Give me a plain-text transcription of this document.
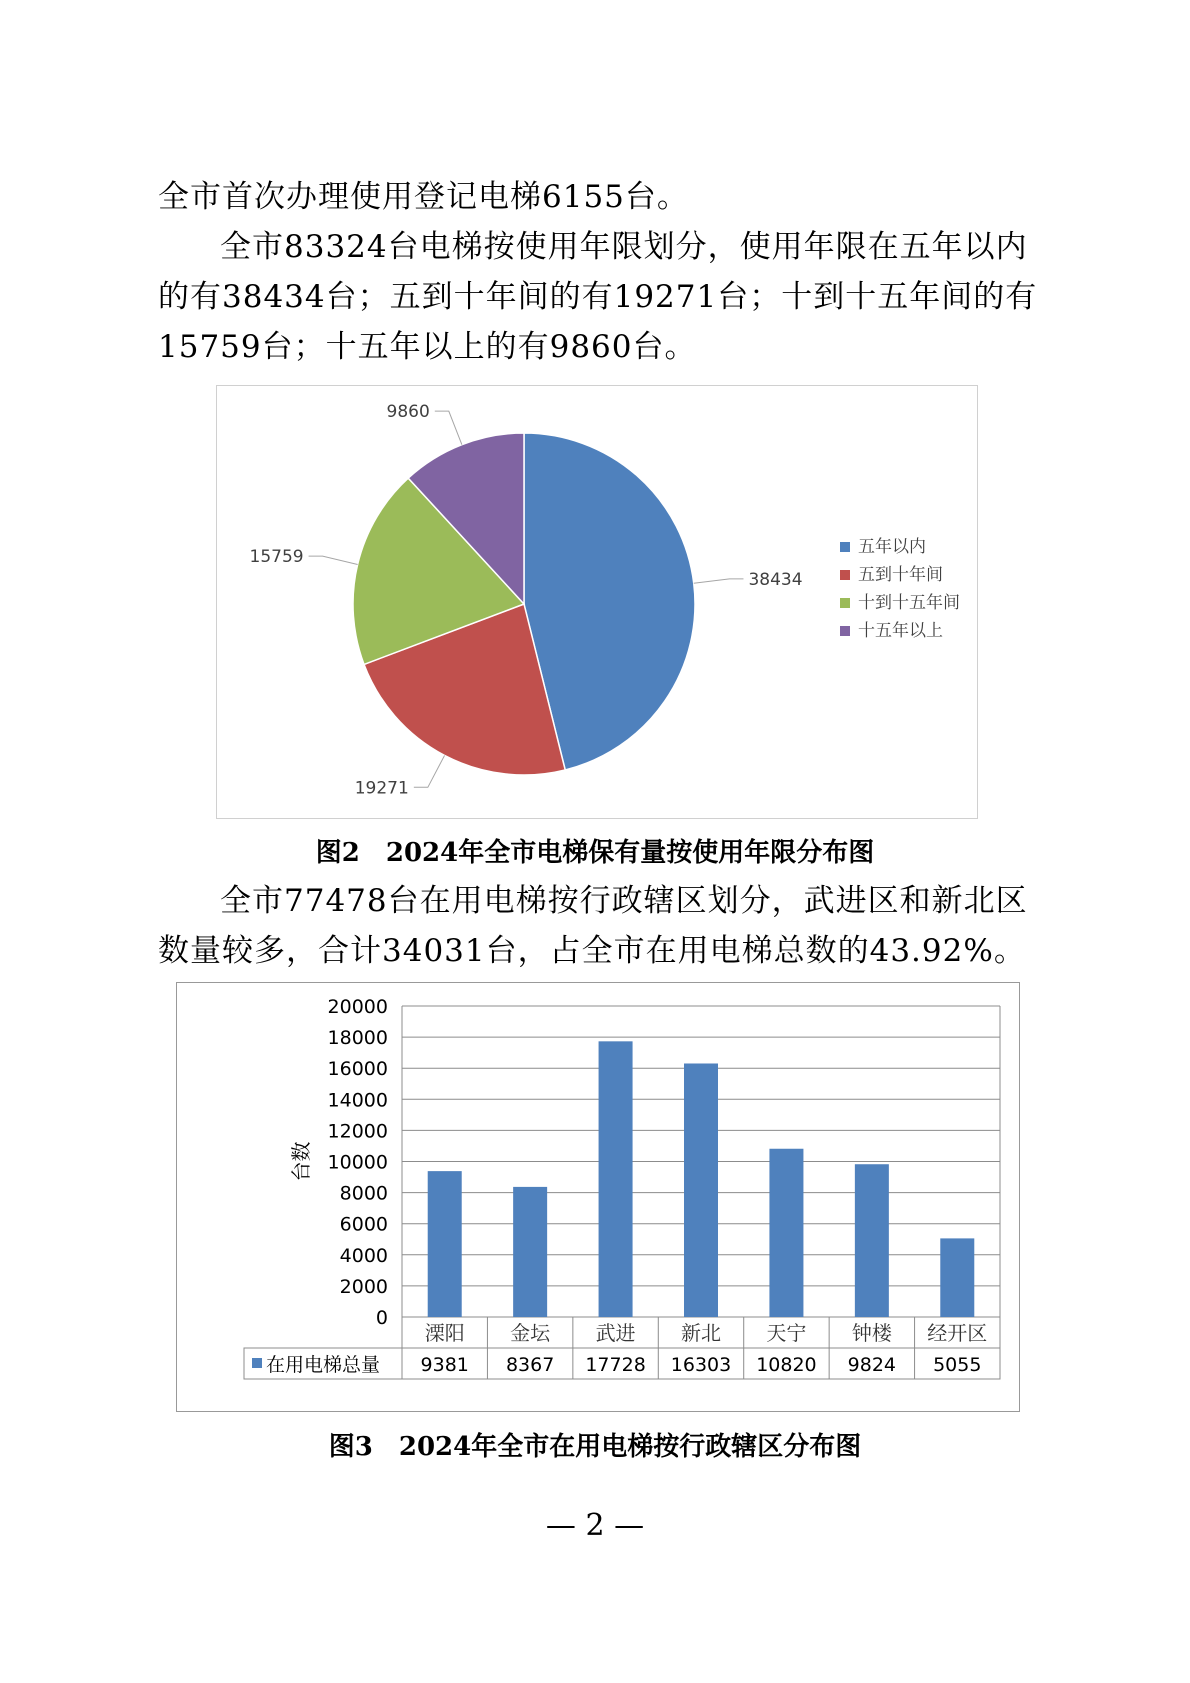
全市首次办理使用登记电梯6155台。

全市83324台电梯按使用年限划分，使用年限在五年以内的有38434台；五到十年间的有19271台；十到十五年间的有15759台；十五年以上的有9860台。

38434
19271
15759
9860
五年以内
五到十年间
十到十五年间
十五年以上
图2　2024年全市电梯保有量按使用年限分布图

全市77478台在用电梯按行政辖区划分，武进区和新北区数量较多，合计34031台，占全市在用电梯总数的43.92%。

0
2000
4000
6000
8000
10000
12000
14000
16000
18000
20000
台数
溧阳 金坛 武进 新北 天宁 钟楼 经开区
9381 8367 17728 16303 10820 9824 5055
在用电梯总量
图3　2024年全市在用电梯按行政辖区分布图
— 2 —
